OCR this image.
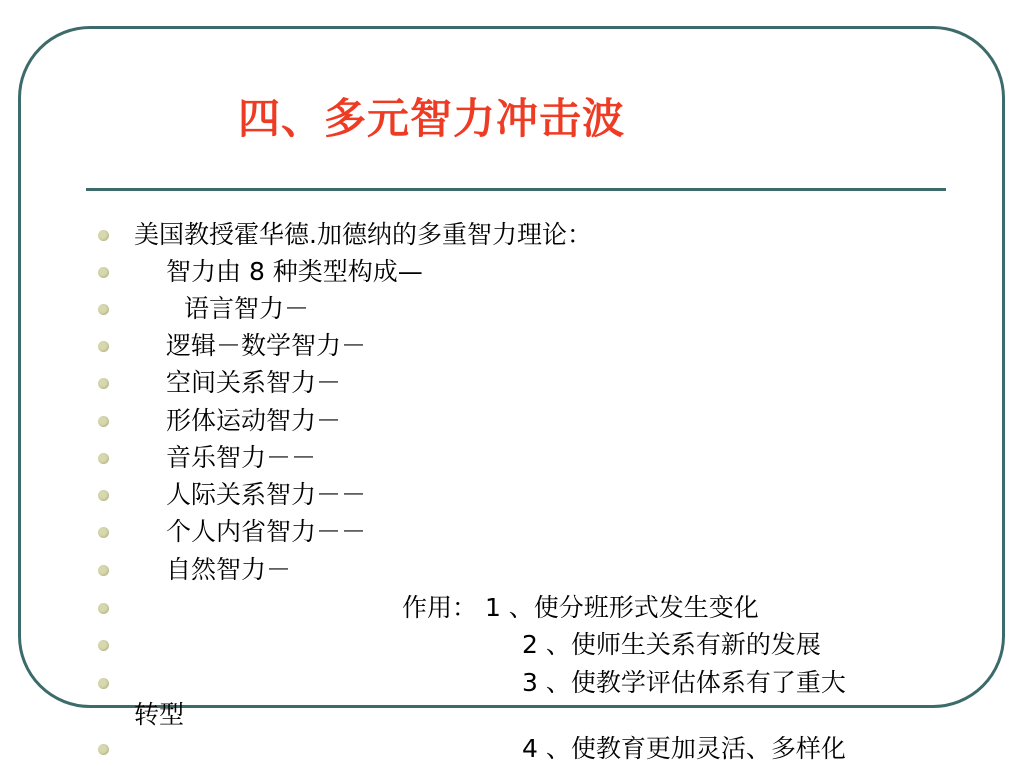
四、多元智力冲击波
美国教授霍华德.加德纳的多重智力理论：
智力由 8 种类型构成—
语言智力－
逻辑－数学智力－
空间关系智力－
形体运动智力－
音乐智力－－
人际关系智力－－
个人内省智力－－
自然智力－
作用： 1 、使分班形式发生变化
2 、使师生关系有新的发展
3 、使教学评估体系有了重大
转型
4 、使教育更加灵活、多样化
